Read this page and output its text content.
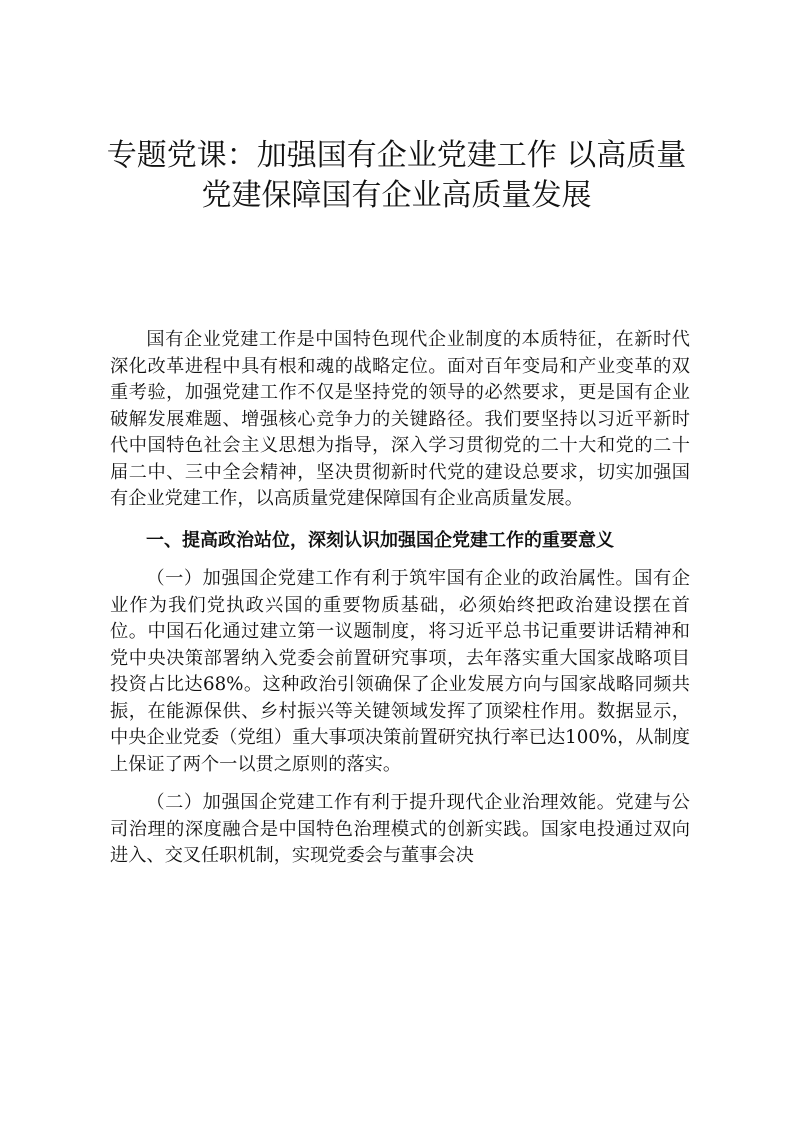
专题党课：加强国有企业党建工作 以高质量
党建保障国有企业高质量发展

国有企业党建工作是中国特色现代企业制度的本质特征，在新时代深化改革进程中具有根和魂的战略定位。面对百年变局和产业变革的双重考验，加强党建工作不仅是坚持党的领导的必然要求，更是国有企业破解发展难题、增强核心竞争力的关键路径。我们要坚持以习近平新时代中国特色社会主义思想为指导，深入学习贯彻党的二十大和党的二十届二中、三中全会精神，坚决贯彻新时代党的建设总要求，切实加强国有企业党建工作，以高质量党建保障国有企业高质量发展。

一、提高政治站位，深刻认识加强国企党建工作的重要意义

（一）加强国企党建工作有利于筑牢国有企业的政治属性。国有企业作为我们党执政兴国的重要物质基础，必须始终把政治建设摆在首位。中国石化通过建立第一议题制度，将习近平总书记重要讲话精神和党中央决策部署纳入党委会前置研究事项，去年落实重大国家战略项目投资占比达68%。这种政治引领确保了企业发展方向与国家战略同频共振，在能源保供、乡村振兴等关键领域发挥了顶梁柱作用。数据显示，中央企业党委（党组）重大事项决策前置研究执行率已达100%，从制度上保证了两个一以贯之原则的落实。

（二）加强国企党建工作有利于提升现代企业治理效能。党建与公司治理的深度融合是中国特色治理模式的创新实践。国家电投通过双向进入、交叉任职机制，实现党委会与董事会决
